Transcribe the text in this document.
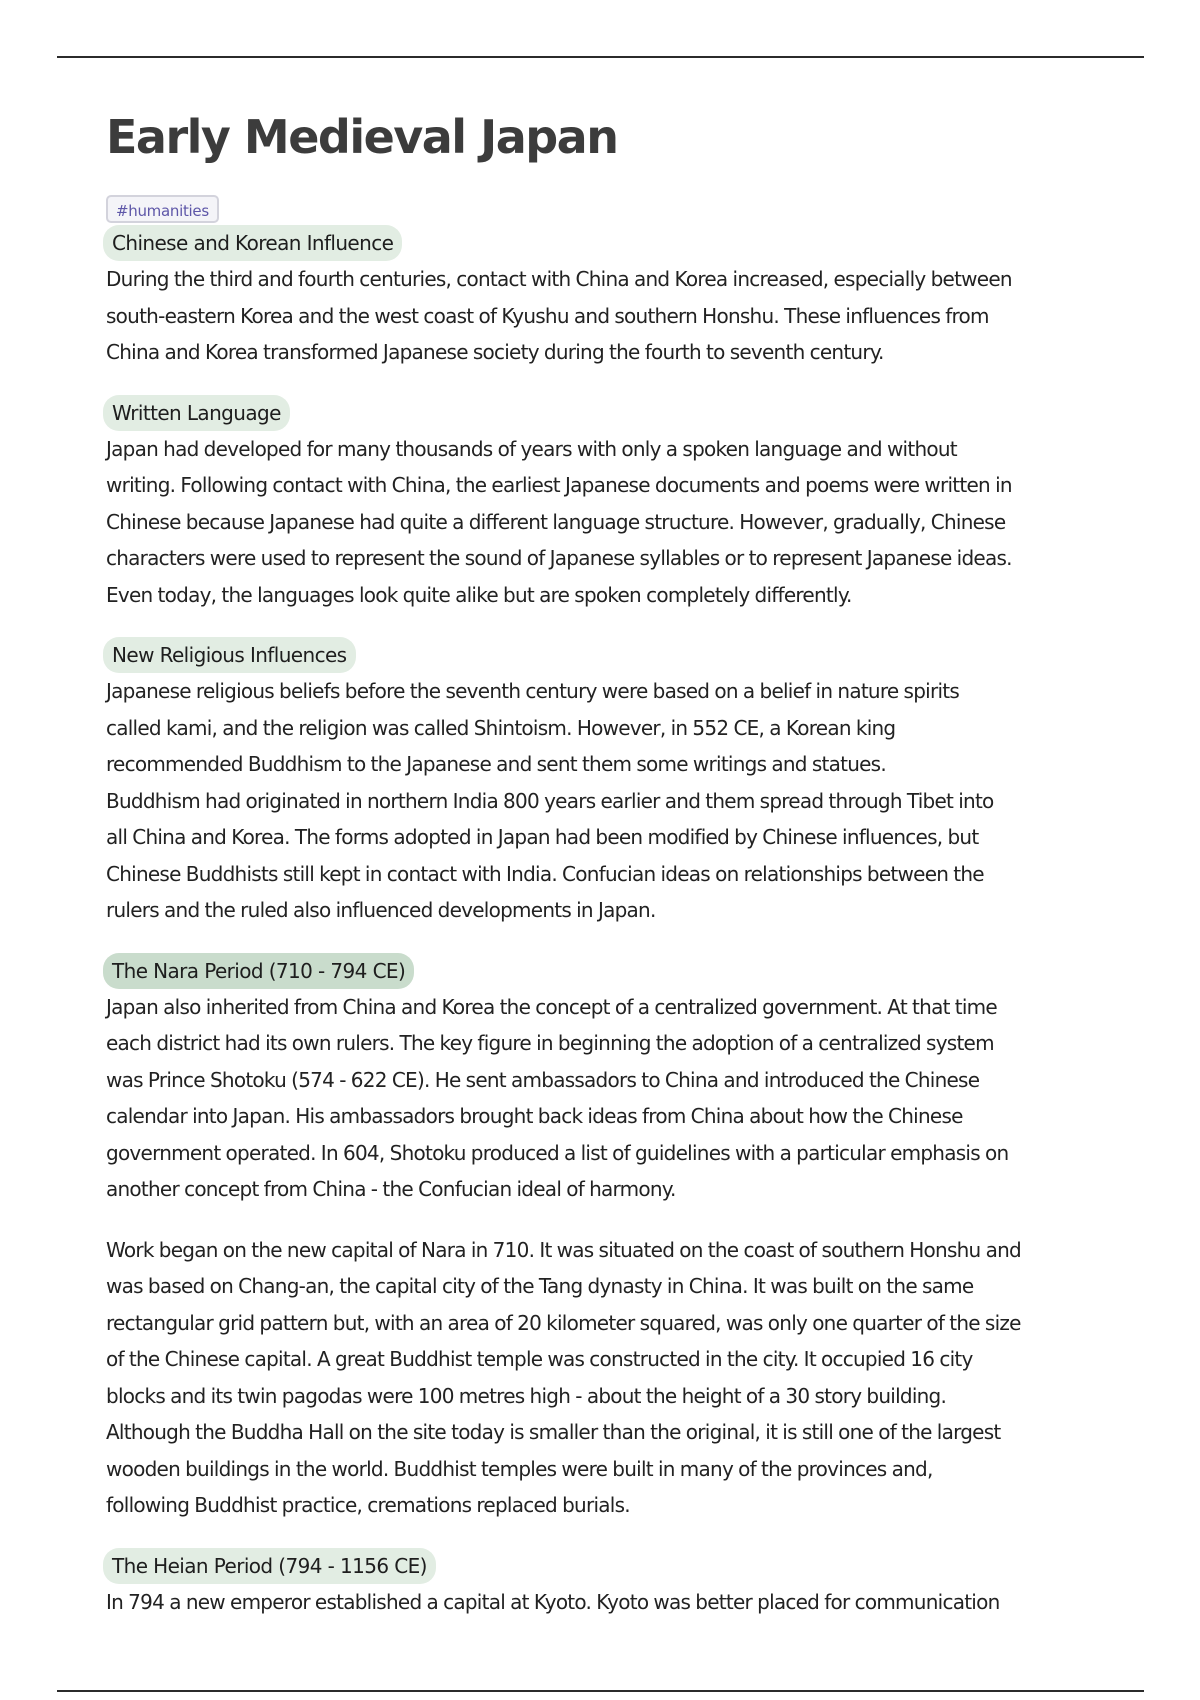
Early Medieval Japan
#humanities
Chinese and Korean Influence

During the third and fourth centuries, contact with China and Korea increased, especially between
south-eastern Korea and the west coast of Kyushu and southern Honshu. These influences from
China and Korea transformed Japanese society during the fourth to seventh century.

Written Language

Japan had developed for many thousands of years with only a spoken language and without
writing. Following contact with China, the earliest Japanese documents and poems were written in
Chinese because Japanese had quite a different language structure. However, gradually, Chinese
characters were used to represent the sound of Japanese syllables or to represent Japanese ideas.
Even today, the languages look quite alike but are spoken completely differently.

New Religious Influences

Japanese religious beliefs before the seventh century were based on a belief in nature spirits
called kami, and the religion was called Shintoism. However, in 552 CE, a Korean king
recommended Buddhism to the Japanese and sent them some writings and statues.
Buddhism had originated in northern India 800 years earlier and them spread through Tibet into
all China and Korea. The forms adopted in Japan had been modified by Chinese influences, but
Chinese Buddhists still kept in contact with India. Confucian ideas on relationships between the
rulers and the ruled also influenced developments in Japan.

The Nara Period (710 - 794 CE)

Japan also inherited from China and Korea the concept of a centralized government. At that time
each district had its own rulers. The key figure in beginning the adoption of a centralized system
was Prince Shotoku (574 - 622 CE). He sent ambassadors to China and introduced the Chinese
calendar into Japan. His ambassadors brought back ideas from China about how the Chinese
government operated. In 604, Shotoku produced a list of guidelines with a particular emphasis on
another concept from China - the Confucian ideal of harmony.

Work began on the new capital of Nara in 710. It was situated on the coast of southern Honshu and
was based on Chang-an, the capital city of the Tang dynasty in China. It was built on the same
rectangular grid pattern but, with an area of 20 kilometer squared, was only one quarter of the size
of the Chinese capital. A great Buddhist temple was constructed in the city. It occupied 16 city
blocks and its twin pagodas were 100 metres high - about the height of a 30 story building.
Although the Buddha Hall on the site today is smaller than the original, it is still one of the largest
wooden buildings in the world. Buddhist temples were built in many of the provinces and,
following Buddhist practice, cremations replaced burials.

The Heian Period (794 - 1156 CE)

In 794 a new emperor established a capital at Kyoto. Kyoto was better placed for communication
